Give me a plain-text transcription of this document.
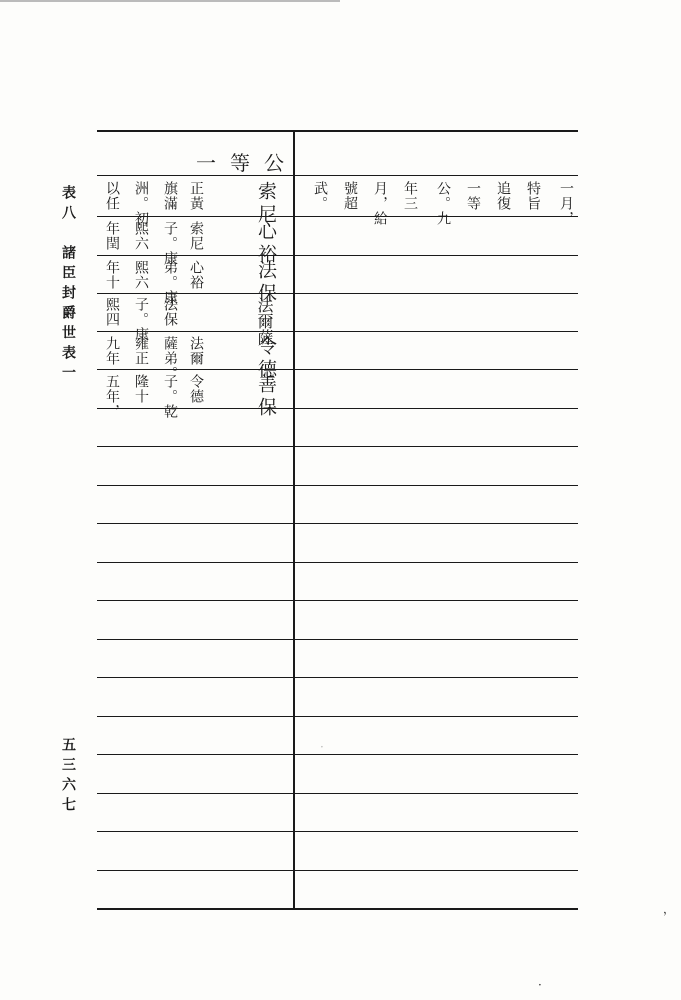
表八　諸臣封爵世表一
五三六七
一等公
索尼
正黃
旗滿
洲。初
以任
心裕
索尼
子。康
熙六
年閏
法保
心裕
弟。康
熙六
年十
法爾薩
法保
子。康
熙四
令德
法爾
薩弟。
雍正
九年
善保
令德
子。乾
隆十
五年，
一月，
特旨
追復
一等
公。九
年三
月，給
號超
武。
，
·
·
